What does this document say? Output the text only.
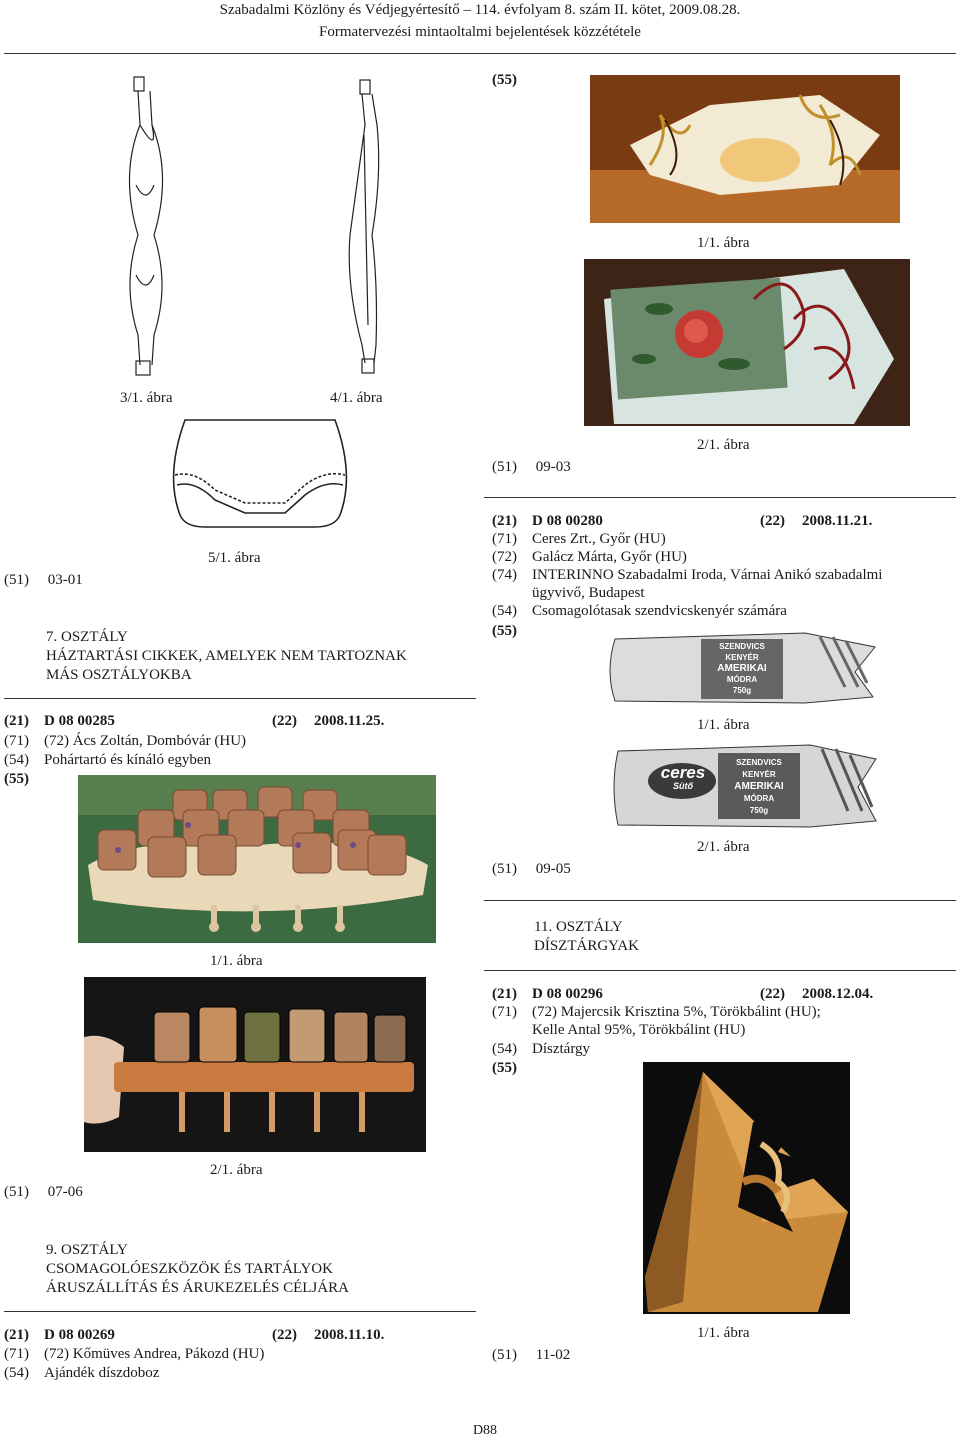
Szabadalmi Közlöny és Védjegyértesítő – 114. évfolyam 8. szám II. kötet, 2009.08.28.
Formatervezési mintaoltalmi bejelentések közzététele
3/1. ábra	4/1. ábra
5/1. ábra
(51) 03-01
7. OSZTÁLY
HÁZTARTÁSI CIKKEK, AMELYEK NEM TARTOZNAK
MÁS OSZTÁLYOKBA
(21) D 08 00285	(22) 2008.11.25.
(71) (72) Ács Zoltán, Dombóvár (HU)
(54) Pohártartó és kínáló egyben
(55)
1/1. ábra
2/1. ábra
(51) 07-06
9. OSZTÁLY
CSOMAGOLÓESZKÖZÖK ÉS TARTÁLYOK
ÁRUSZÁLLÍTÁS ÉS ÁRUKEZELÉS CÉLJÁRA
(21) D 08 00269	(22) 2008.11.10.
(71) (72) Kőmüves Andrea, Pákozd (HU)
(54) Ajándék díszdoboz
(55)
1/1. ábra
2/1. ábra
(51) 09-03
(21) D 08 00280	(22) 2008.11.21.
(71) Ceres Zrt., Győr (HU)
(72) Galácz Márta, Győr (HU)
(74) INTERINNO Szabadalmi Iroda, Várnai Anikó szabadalmi
ügyvivő, Budapest
(54) Csomagolótasak szendvicskenyér számára
(55)
SZENDVICS KENYÉR
AMERIKAI
MÓDRA
750g
1/1. ábra
ceres
Sütő
SZENDVICS KENYÉR
AMERIKAI
MÓDRA
750g
2/1. ábra
(51) 09-05
11. OSZTÁLY
DÍSZTÁRGYAK
(21) D 08 00296	(22) 2008.12.04.
(71) (72) Majercsik Krisztina 5%, Törökbálint (HU);
Kelle Antal 95%, Törökbálint (HU)
(54) Dísztárgy
(55)
1/1. ábra
(51) 11-02
D88
